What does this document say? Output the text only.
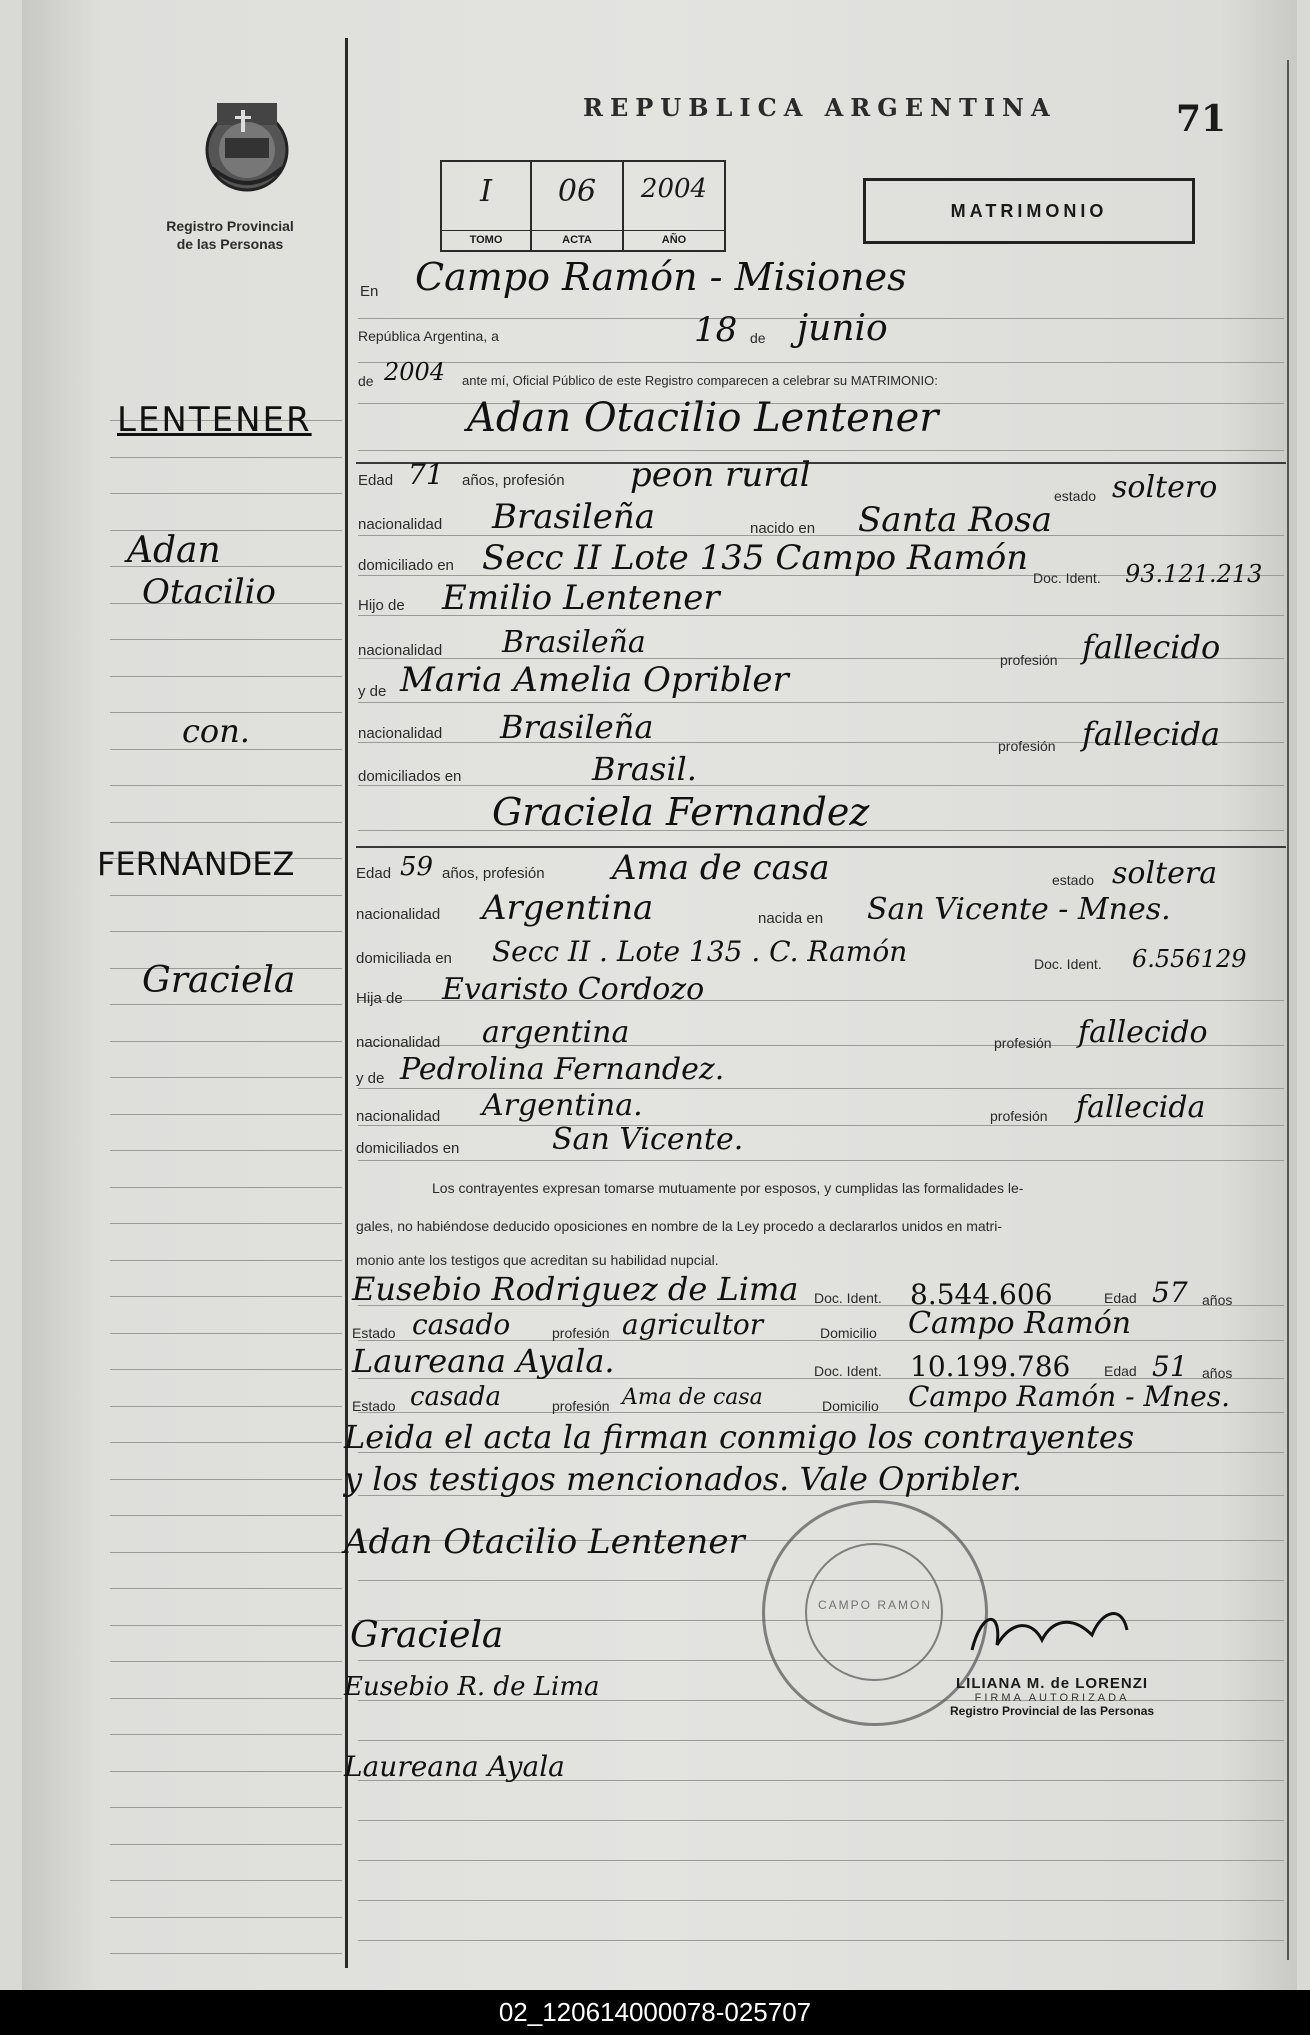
Registro Provincial
de las Personas
REPUBLICA ARGENTINA	71
I
TOMO
06
ACTA
2004
AÑO
MATRIMONIO
LENTENER
Adan
Otacilio
con.
FERNANDEZ
Graciela
En Campo Ramón - Misiones
República Argentina, a	18 de junio
de 2004 ante mí, Oficial Público de este Registro comparecen a celebrar su MATRIMONIO:
Adan Otacilio Lentener
Edad 71 años, profesión peon rural
estado soltero
nacionalidad Brasileña	nacido en Santa Rosa
domiciliado en Secc II Lote 135 Campo Ramón Doc. Ident. 93.121.213
Hijo de Emilio Lentener
nacionalidad Brasileña	profesión fallecido
y de Maria Amelia Opribler
nacionalidad Brasileña	profesión fallecida
domiciliados en	Brasil.
Graciela Fernandez
Edad 59 años, profesión Ama de casa	estado soltera
nacionalidad Argentina	nacida en San Vicente - Mnes.
domiciliada en Secc II . Lote 135 . C. Ramón	Doc. Ident. 6.556129
Hija de Evaristo Cordozo
nacionalidad argentina	profesión fallecido
y de Pedrolina Fernandez.
nacionalidad Argentina.	profesión fallecida
domiciliados en	San Vicente.
Los contrayentes expresan tomarse mutuamente por esposos, y cumplidas las formalidades le-
gales, no habiéndose deducido oposiciones en nombre de la Ley procedo a declararlos unidos en matri-
monio ante los testigos que acreditan su habilidad nupcial.
Eusebio Rodriguez de Lima Doc. Ident. 8.544.606	Edad 57 años
Estado casado	profesión agricultor	Domicilio Campo Ramón
Laureana Ayala.	Doc. Ident. 10.199.786 Edad 51 años
Estado casada	profesión Ama de casa	Domicilio Campo Ramón - Mnes.
Leida el acta la firman conmigo los contrayentes
y los testigos mencionados. Vale Opribler.
Adan Otacilio Lentener
Graciela
Eusebio R. de Lima
Laureana Ayala
CAMPO RAMON
LILIANA M. de LORENZI
FIRMA AUTORIZADA
Registro Provincial de las Personas
02_120614000078-025707
